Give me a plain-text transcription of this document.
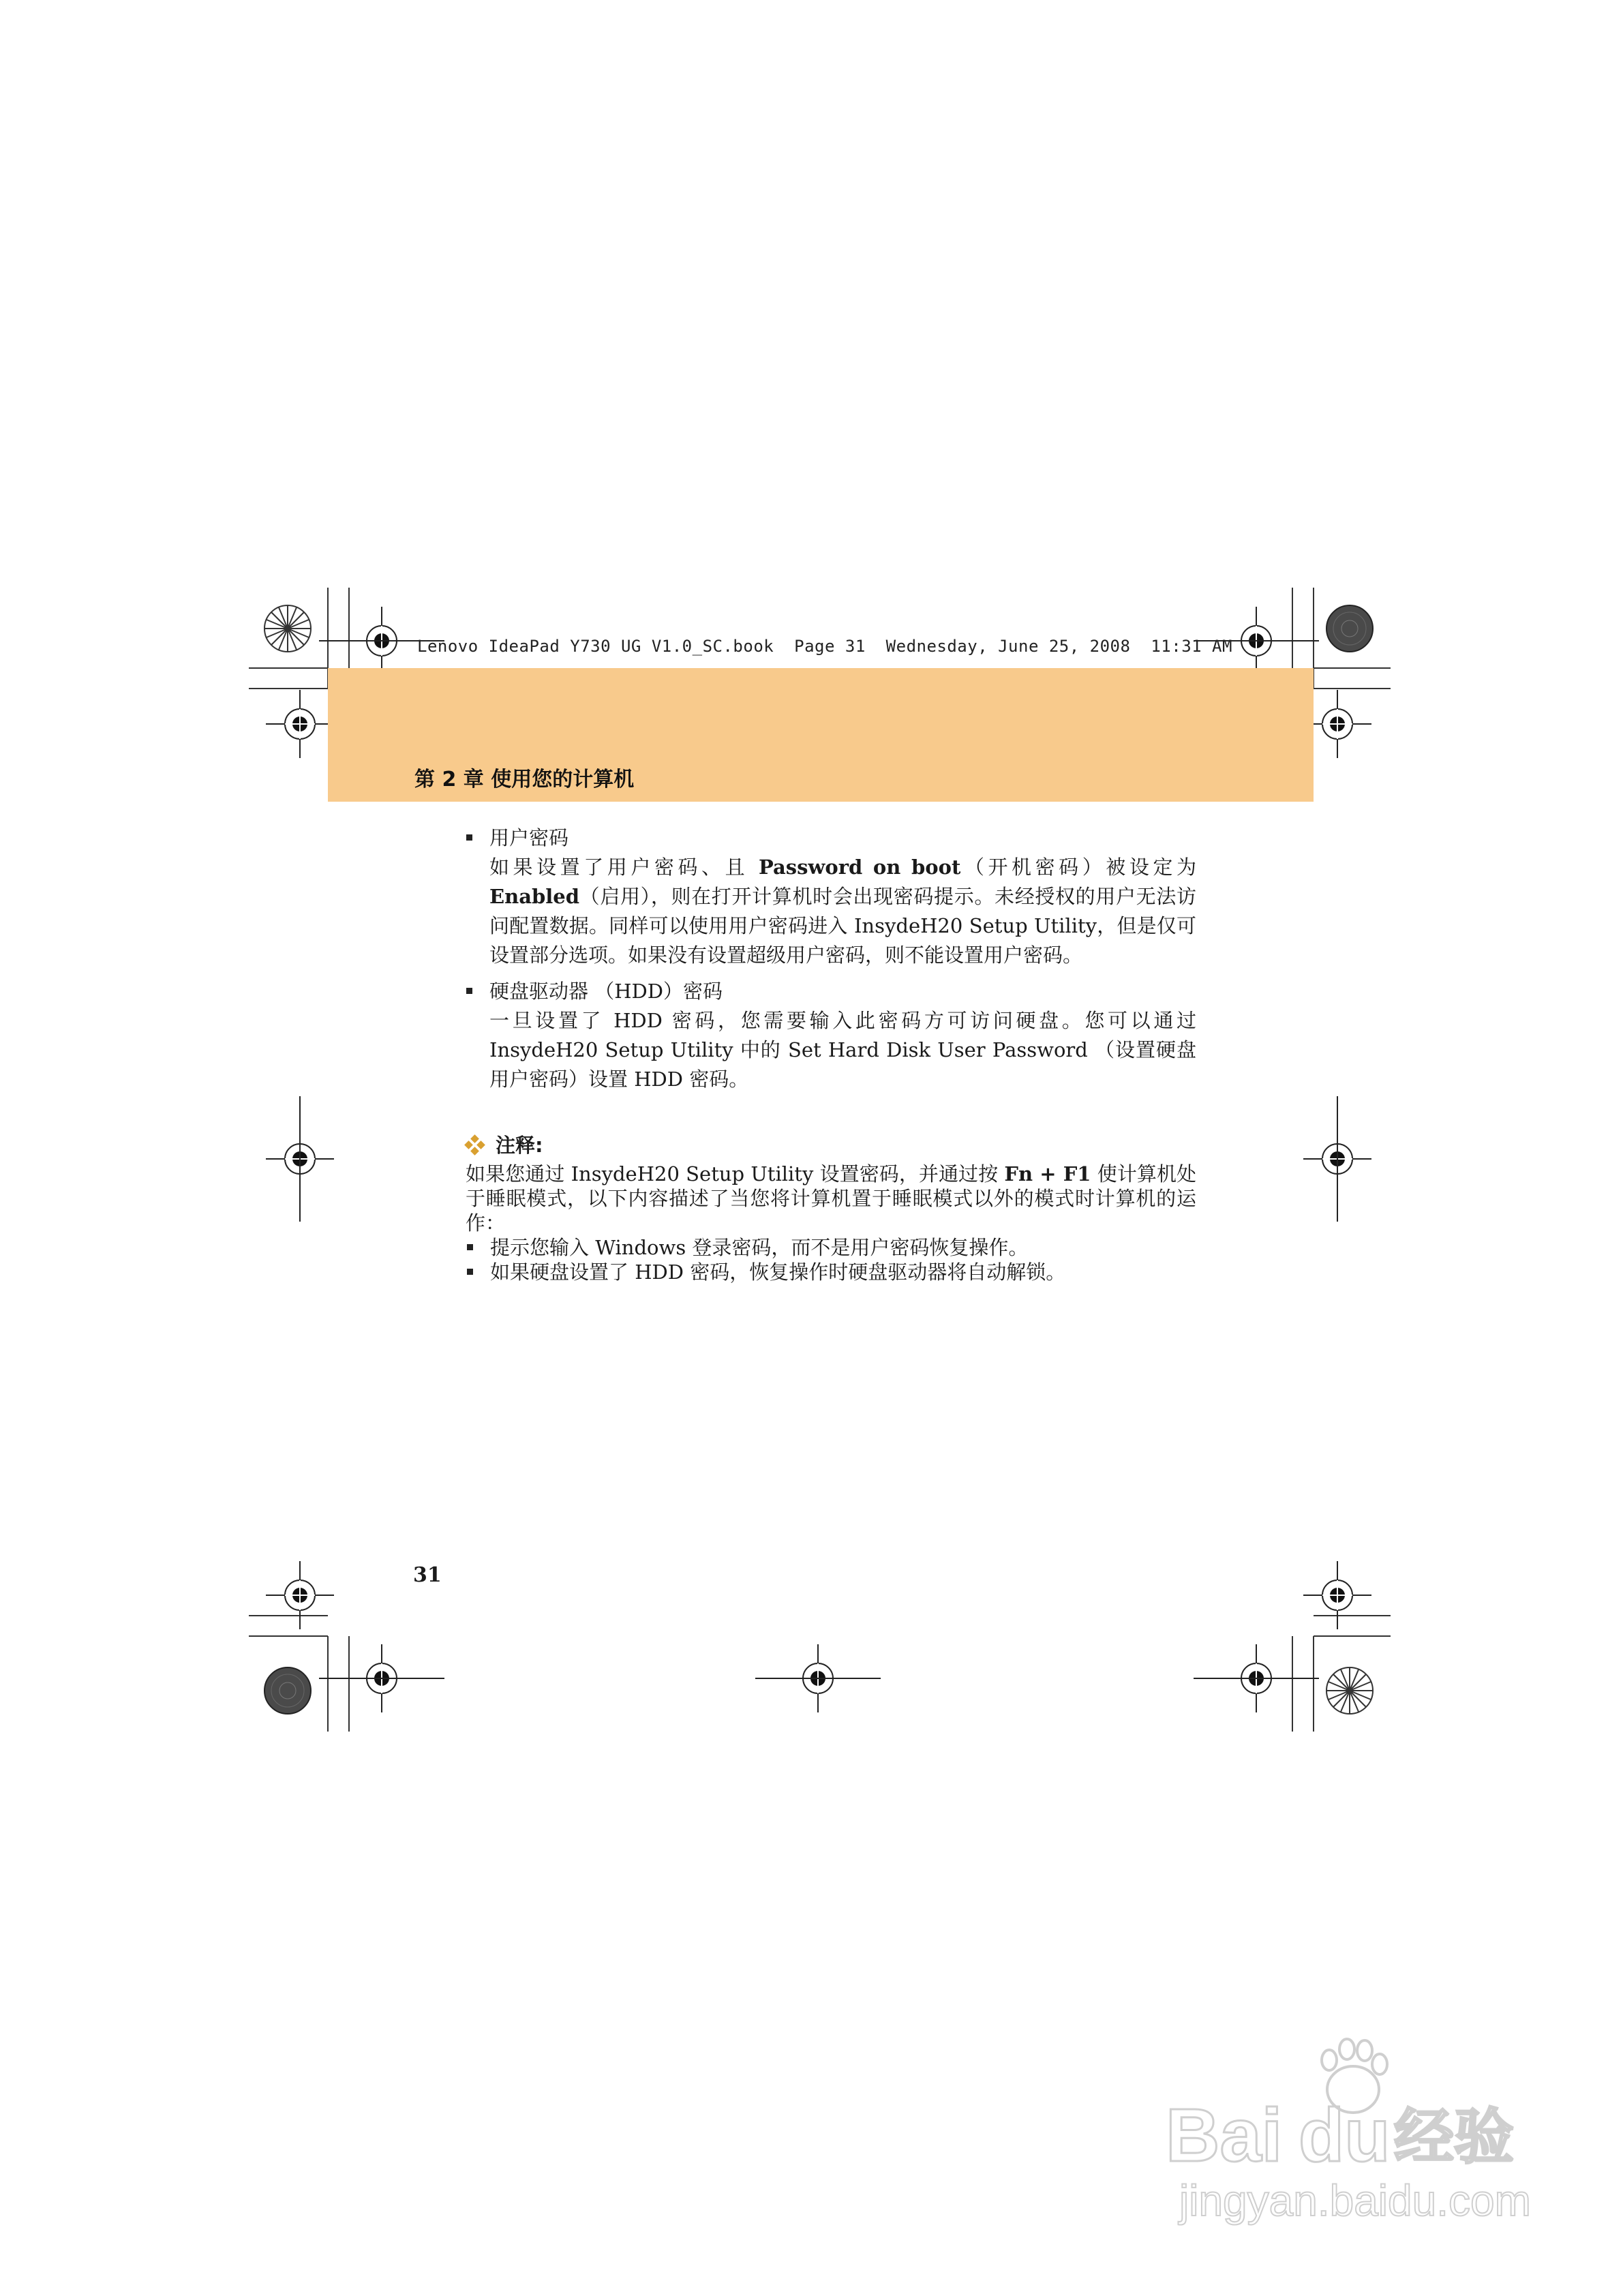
Lenovo IdeaPad Y730 UG V1.0_SC.book  Page 31  Wednesday, June 25, 2008  11:31 AM
第 2 章 使用您的计算机
用户密码
如果设置了用户密码、且 Password on boot（开机密码）被设定为 Enabled（启用），则在打开计算机时会出现密码提示。未经授权的用户无法访问配置数据。同样可以使用用户密码进入 InsydeH20 Setup Utility，但是仅可设置部分选项。如果没有设置超级用户密码，则不能设置用户密码。
硬盘驱动器 （HDD）密码
一旦设置了 HDD 密码，您需要输入此密码方可访问硬盘。您可以通过 InsydeH20 Setup Utility 中的 Set Hard Disk User Password （设置硬盘用户密码）设置 HDD 密码。
注释:
如果您通过 InsydeH20 Setup Utility 设置密码，并通过按 Fn + F1 使计算机处于睡眠模式，以下内容描述了当您将计算机置于睡眠模式以外的模式时计算机的运作：
提示您输入 Windows 登录密码，而不是用户密码恢复操作。
如果硬盘设置了 HDD 密码，恢复操作时硬盘驱动器将自动解锁。
31
Bai du 经验
jingyan.baidu.com
